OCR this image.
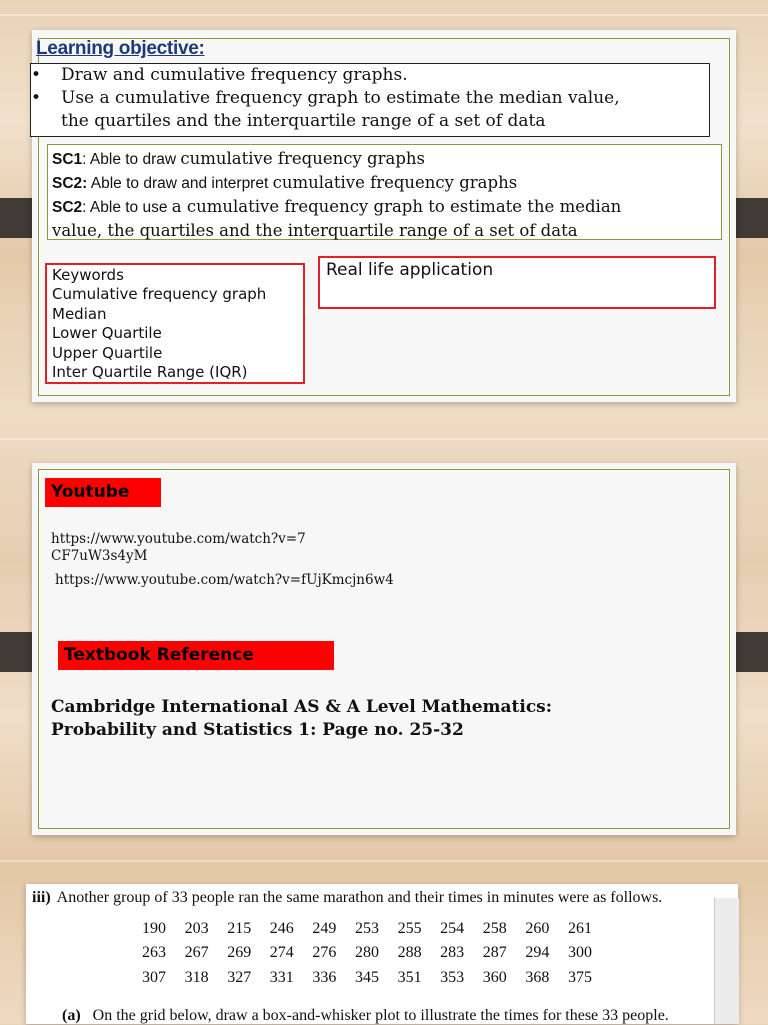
Learning objective:
• Draw and cumulative frequency graphs.
• Use a cumulative frequency graph to estimate the median value,
the quartiles and the interquartile range of a set of data
SC1: Able to draw cumulative frequency graphs
SC2: Able to draw and interpret cumulative frequency graphs
SC2: Able to use a cumulative frequency graph to estimate the median
value, the quartiles and the interquartile range of a set of data
Keywords
Cumulative frequency graph
Median
Lower Quartile
Upper Quartile
Inter Quartile Range (IQR)
Real life application
Youtube
https://www.youtube.com/watch?v=7CF7uW3s4yM
https://www.youtube.com/watch?v=fUjKmcjn6w4
Textbook Reference
Cambridge International AS & A Level Mathematics:
Probability and Statistics 1: Page no. 25-32
iii) Another group of 33 people ran the same marathon and their times in minutes were as follows.
190	203	215	246	249	253	255	254	258	260	261
263	267	269	274	276	280	288	283	287	294	300
307	318	327	331	336	345	351	353	360	368	375
(a) On the grid below, draw a box-and-whisker plot to illustrate the times for these 33 people.
